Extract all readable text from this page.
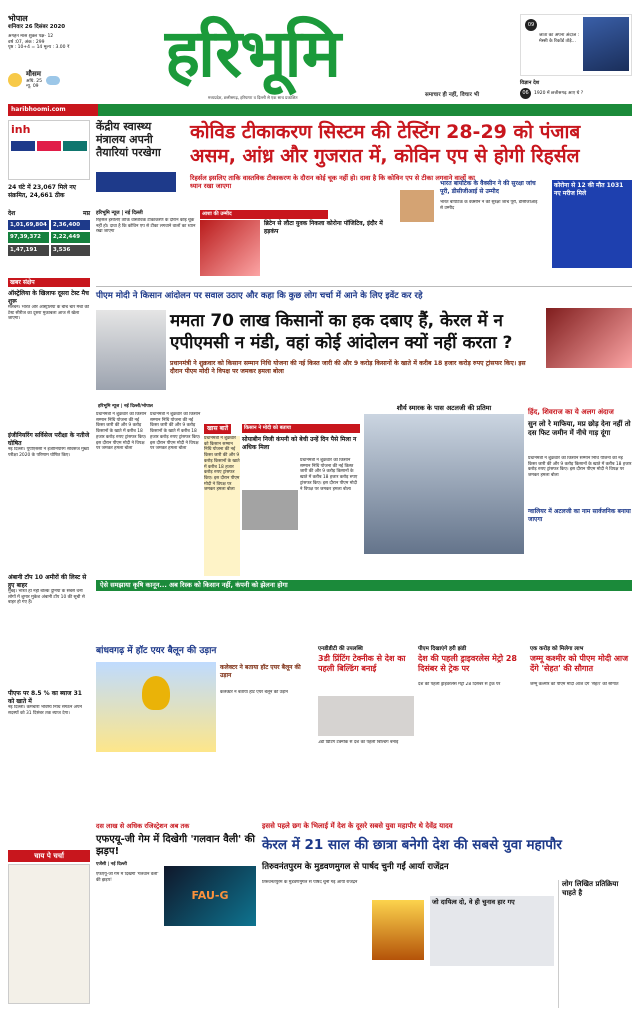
भोपाल
शनिवार 26 दिसंबर 2020
अगहन मास शुक्ल पक्ष- 12
वर्ष :07, अंक : 299
पृष्ठ : 10+4 = 14 मूल्य : 3.00 ₹
मौसम
अधि. 25
न्यू. 09 हरिभूमि
मध्यप्रदेश, छत्तीसगढ़, हरियाणा व दिल्ली से एक साथ प्रकाशित	समाचार ही नहीं, विचार भी
09
जाता का अपना अंदाज : मेस्सी के रिकॉर्ड तोड़े...
विज्ञान देश
06	1920 में छत्तीसगढ़ आए थे ?
haribhoomi.com
inh
24 घंटे में 23,067 मिले नए संक्रमित, 24,661 ठीक
देश	मप्र
1,01,69,804	2,36,400
97,39,372	2,22,449
1,47,191	3,536
खबर संक्षेप
ऑस्ट्रेलिया के खिलाफ दूसरा टेस्ट मैच शुरू
मेलबर्न। भारत और ऑस्ट्रेलिया के बीच चार मैचों की टेस्ट सीरीज का दूसरा मुकाबला आज से खेला जाएगा।
इंजीनियरिंग सर्विसेज परीक्षा के नतीजे घोषित
नई दिल्ली। यूपीएससी ने इंजीनियरिंग सर्विसेज मुख्य परीक्षा 2020 के परिणाम घोषित किए।
अंबानी टॉप 10 अमीरों की लिस्ट से हुए बाहर
मुंबई। भारत ही नहीं बल्कि दुनिया के सबसे धनी लोगों में शुमार मुकेश अंबानी टॉप 10 की सूची से बाहर हो गए हैं।
पीएफ पर 8.5 % का ब्याज 31 को खाते में
नई दिल्ली। कर्मचारी भविष्य निधि संगठन अपने सदस्यों को 31 दिसंबर तक ब्याज देगा।
चाय पे चर्चा
केंद्रीय स्वास्थ्य मंत्रालय अपनी तैयारियां परखेगा
कोविड टीकाकरण सिस्टम की टेस्टिंग 28-29 को पंजाब
असम, आंध्र और गुजरात में, कोविन एप से होगी रिहर्सल
रिहर्सल इसलिए ताकि वास्तविक टीकाकरण के दौरान कोई चूक नहीं हो। दावा है कि कोविन एप से टीका लगवाने वालों का ध्यान रखा जाएगा
हरिभूमि न्यूज | नई दिल्ली
रिहर्सल इसलिए ताकि वास्तविक टीकाकरण के दौरान कोई चूक नहीं हो। दावा है कि कोविन एप से टीका लगवाने वालों का ध्यान रखा जाएगा
आशा की उम्मीद
ब्रिटेन से लौटा युवक निकला कोरोना पॉजिटिव, इंदौर में हड़कंप
भारत बायोटेक के वैक्सीन ने की सुरक्षा जांच पूरी, डीसीजीआई से उम्मीद
भारत बायोटेक के वैक्सीन ने की सुरक्षा जांच पूरी, डीसीजीआई से उम्मीद
कोरोना से 12 की मौत 1031 नए मरीज मिले
पीएम मोदी ने किसान आंदोलन पर सवाल उठाए और कहा कि कुछ लोग चर्चा में आने के लिए इवेंट कर रहे
ममता 70 लाख किसानों का हक दबाए हैं, केरल में न
एपीएमसी न मंडी, वहां कोई आंदोलन क्यों नहीं करता ?
प्रधानमंत्री ने शुक्रवार को किसान सम्मान निधि योजना की नई किस्त जारी की और 9 करोड़ किसानों के खाते में करीब 18 हजार करोड़ रुपए ट्रांसफर किए। इस दौरान पीएम मोदी ने विपक्ष पर जमकर हमला बोला
हरिभूमि न्यूज | नई दिल्ली/भोपाल
प्रधानमंत्री ने शुक्रवार को किसान सम्मान निधि योजना की नई किस्त जारी की और 9 करोड़ किसानों के खाते में करीब 18 हजार करोड़ रुपए ट्रांसफर किए। इस दौरान पीएम मोदी ने विपक्ष पर जमकर हमला बोला
प्रधानमंत्री ने शुक्रवार को किसान सम्मान निधि योजना की नई किस्त जारी की और 9 करोड़ किसानों के खाते में करीब 18 हजार करोड़ रुपए ट्रांसफर किए। इस दौरान पीएम मोदी ने विपक्ष पर जमकर हमला बोला
खास बातें
प्रधानमंत्री ने शुक्रवार को किसान सम्मान निधि योजना की नई किस्त जारी की और 9 करोड़ किसानों के खाते में करीब 18 हजार करोड़ रुपए ट्रांसफर किए। इस दौरान पीएम मोदी ने विपक्ष पर जमकर हमला बोला
किसान ने मोदी को बताया
सोयाबीन निजी कंपनी को बेची उन्हें दिन पैसे मिला न अधिक मिला
प्रधानमंत्री ने शुक्रवार को किसान सम्मान निधि योजना की नई किस्त जारी की और 9 करोड़ किसानों के खाते में करीब 18 हजार करोड़ रुपए ट्रांसफर किए। इस दौरान पीएम मोदी ने विपक्ष पर जमकर हमला बोला
शौर्य स्मारक के पास अटलजी की प्रतिमा	हिंद, शिवराज का ये अलग अंदाज
सुन लो रे माफिया, मप्र छोड़ देना नहीं तो दस फिट जमीन में नीचे गाड़ दूंगा
प्रधानमंत्री ने शुक्रवार को किसान सम्मान निधि योजना की नई किस्त जारी की और 9 करोड़ किसानों के खाते में करीब 18 हजार करोड़ रुपए ट्रांसफर किए। इस दौरान पीएम मोदी ने विपक्ष पर जमकर हमला बोला
ग्वालियर में अटलजी का नाम सार्वजनिक बनाया जाएगा
ऐसे समझाया कृषि कानून... अब रिस्क को किसान नहीं, कंपनी को झेलना होगा
बांधवगढ़ में हॉट एयर बैलून की उड़ान
कलेक्टर ने बताया हॉट एयर बैलून की उड़ान
कलेक्टर ने बताया हॉट एयर बैलून की उड़ान
एनडीडीटी की उपलब्धि
3डी प्रिंटिंग टेक्नीक से देश का पहली बिल्डिंग बनाई
3डी प्रिंटिंग टेक्नीक से देश का पहली बिल्डिंग बनाई
पीएम दिखाएंगे हरी झंडी
देश की पहली ड्राइवरलेस मेट्रो 28 दिसंबर से ट्रेक पर
देश की पहली ड्राइवरलेस मेट्रो 28 दिसंबर से ट्रेक पर
एक करोड़ को मिलेगा लाभ
जम्मू कश्मीर को पीएम मोदी आज देंगे 'सेहत' की सौगात
जम्मू कश्मीर को पीएम मोदी आज देंगे 'सेहत' की सौगात
दस लाख से अधिक रजिस्ट्रेशन अब तक
एफएयू-जी गेम में दिखेगी 'गलवान वैली' की झड़प!
एजेंसी | नई दिल्ली
एफएयू-जी गेम में दिखेगी 'गलवान वैली' की झड़प!
FAU-G
इससे पहले छग के भिलाई में देश के दूसरे सबसे युवा महापौर थे देवेंद्र यादव
केरल में 21 साल की छात्रा बनेगी देश की सबसे युवा महापौर
तिरुवनंतपुरम के मुडवणमुगल से पार्षद चुनी गईं आर्या राजेंद्रन
तिरुवनंतपुरम के मुडवणमुगल से पार्षद चुनी गईं आर्या राजेंद्रन
जो दायित्व दो, वे ही चुनाव हार गए
लोग लिखित प्रतिक्रिया चाहते है
